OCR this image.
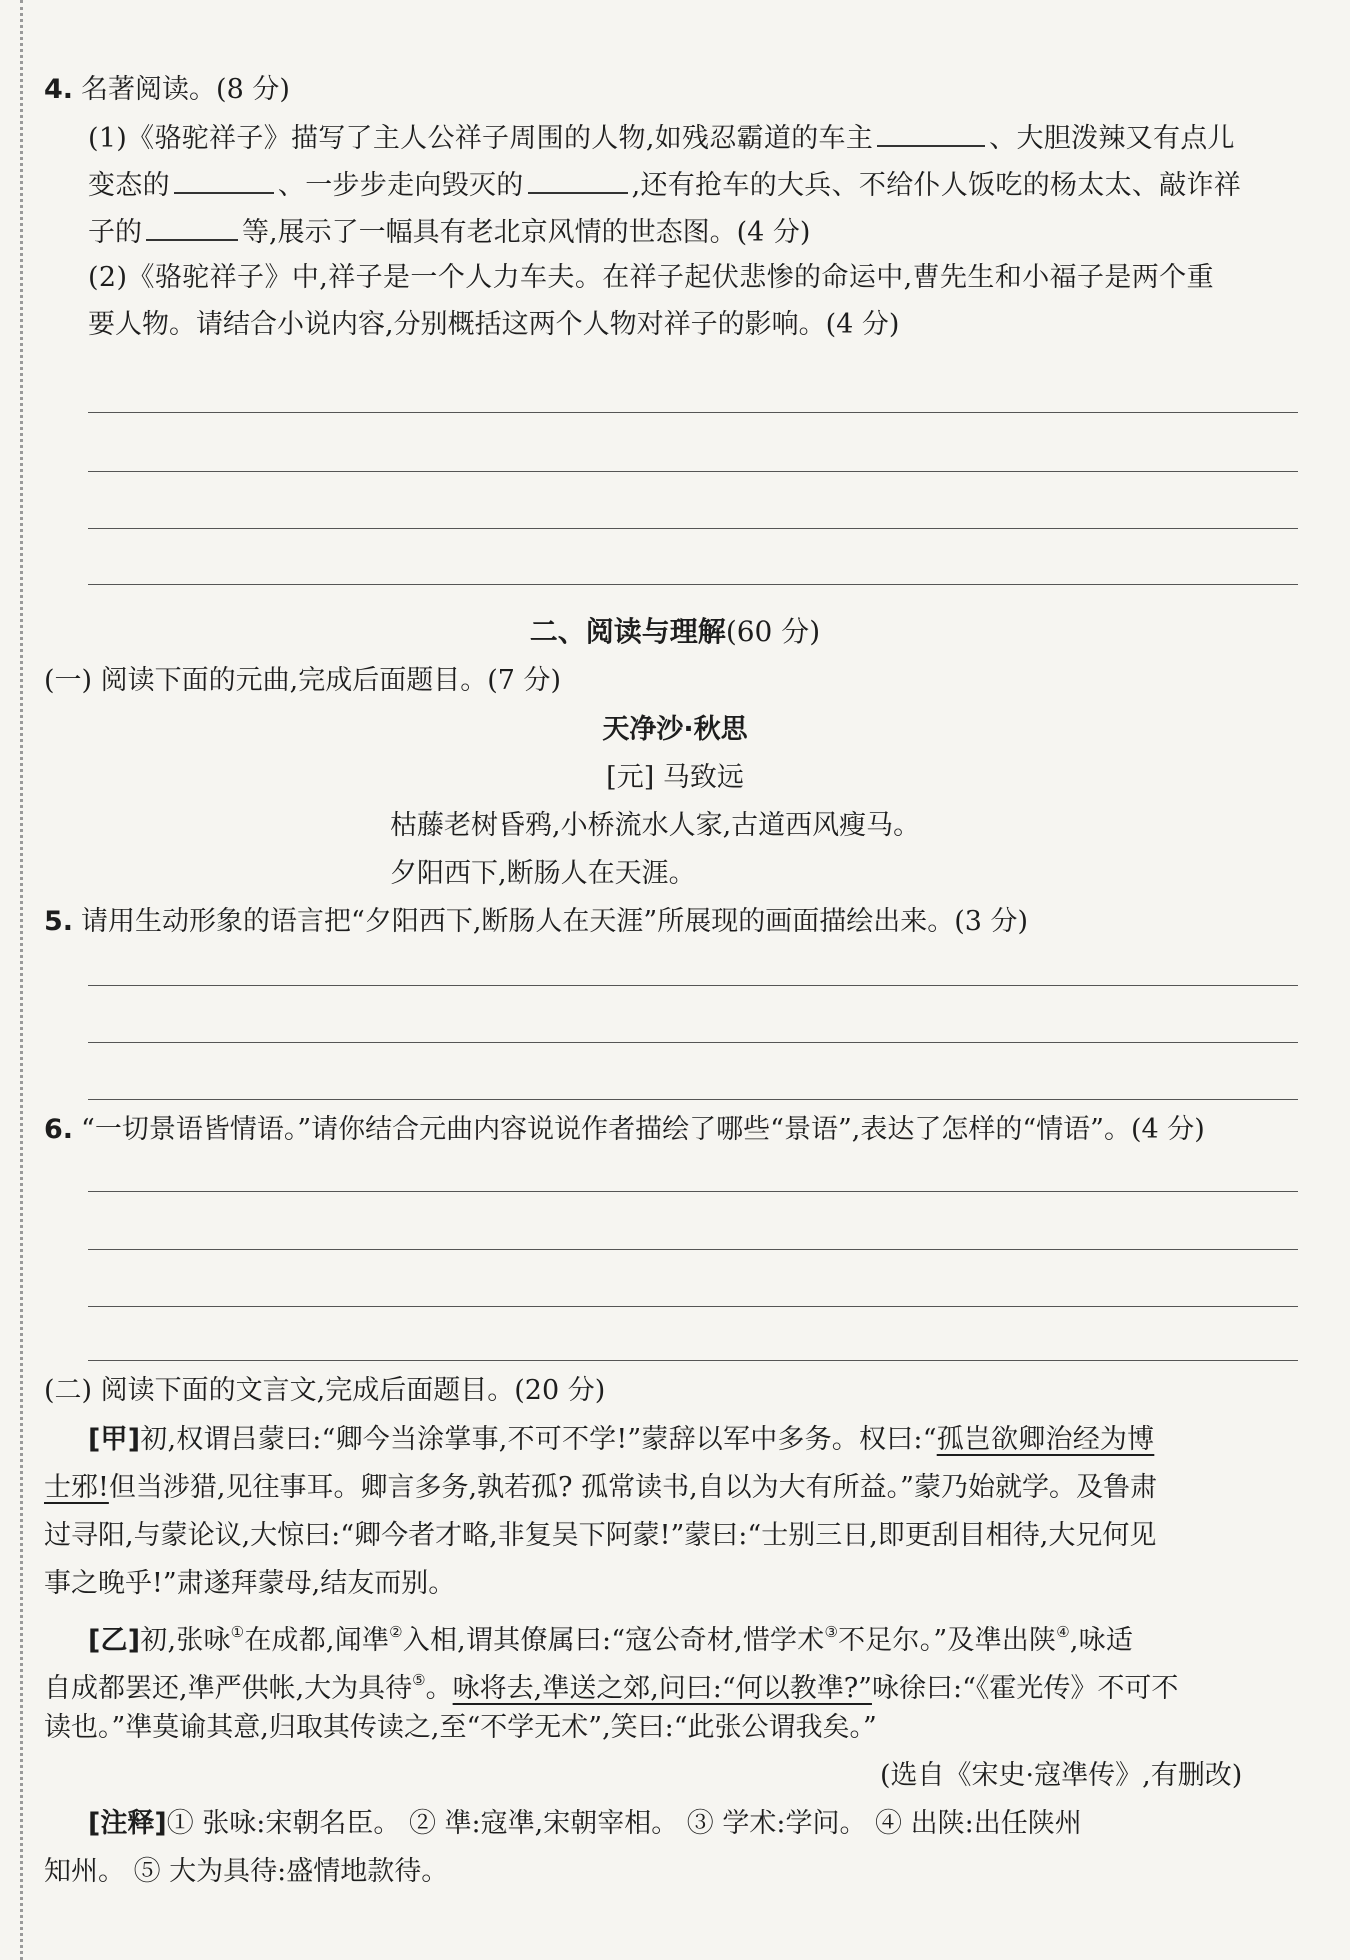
4. 名著阅读。(8 分)
(1)《骆驼祥子》描写了主人公祥子周围的人物,如残忍霸道的车主	、大胆泼辣又有点儿
变态的	、一步步走向毁灭的	,还有抢车的大兵、不给仆人饭吃的杨太太、敲诈祥
子的	等,展示了一幅具有老北京风情的世态图。(4 分)
(2)《骆驼祥子》中,祥子是一个人力车夫。在祥子起伏悲惨的命运中,曹先生和小福子是两个重
要人物。请结合小说内容,分别概括这两个人物对祥子的影响。(4 分)
二、阅读与理解(60 分)
(一) 阅读下面的元曲,完成后面题目。(7 分)
天净沙·秋思
[元] 马致远
枯藤老树昏鸦,小桥流水人家,古道西风瘦马。
夕阳西下,断肠人在天涯。
5. 请用生动形象的语言把“夕阳西下,断肠人在天涯”所展现的画面描绘出来。(3 分)
6. “一切景语皆情语。”请你结合元曲内容说说作者描绘了哪些“景语”,表达了怎样的“情语”。(4 分)
(二) 阅读下面的文言文,完成后面题目。(20 分)
[甲]初,权谓吕蒙曰:“卿今当涂掌事,不可不学!”蒙辞以军中多务。权曰:“孤岂欲卿治经为博
士邪!但当涉猎,见往事耳。卿言多务,孰若孤? 孤常读书,自以为大有所益。”蒙乃始就学。及鲁肃
过寻阳,与蒙论议,大惊曰:“卿今者才略,非复吴下阿蒙!”蒙曰:“士别三日,即更刮目相待,大兄何见
事之晚乎!”肃遂拜蒙母,结友而别。
[乙]初,张咏①在成都,闻凖②入相,谓其僚属曰:“寇公奇材,惜学术③不足尔。”及凖出陕④,咏适
自成都罢还,凖严供帐,大为具待⑤。咏将去,凖送之郊,问曰:“何以教凖?”咏徐曰:“《霍光传》不可不
读也。”凖莫谕其意,归取其传读之,至“不学无术”,笑曰:“此张公谓我矣。”
(选自《宋史·寇凖传》,有删改)
[注释]① 张咏:宋朝名臣。 ② 凖:寇凖,宋朝宰相。 ③ 学术:学问。 ④ 出陕:出任陕州
知州。 ⑤ 大为具待:盛情地款待。
